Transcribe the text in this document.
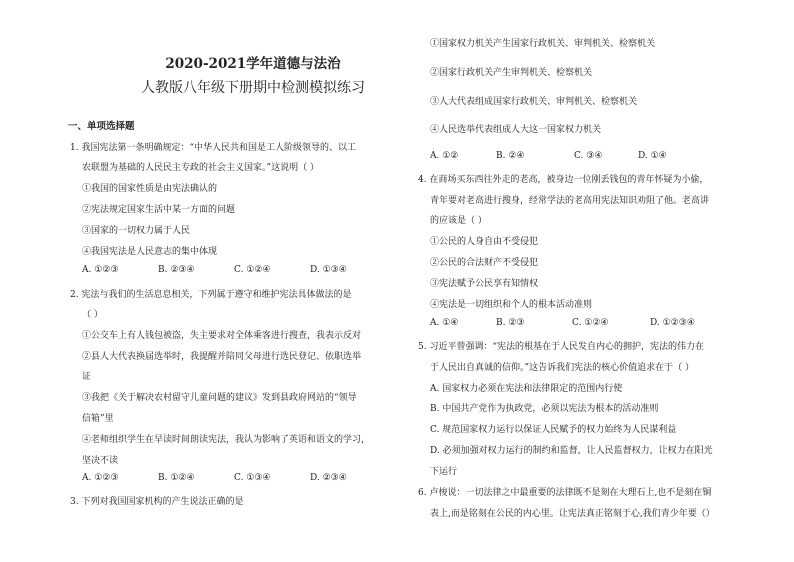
2020-2021学年道德与法治
人教版八年级下册期中检测模拟练习
一、单项选择题
1. 我国宪法第一条明确规定：“中华人民共和国是工人阶级领导的、以工
农联盟为基础的人民民主专政的社会主义国家。”这说明（ ）
①我国的国家性质是由宪法确认的
②宪法规定国家生活中某一方面的问题
③国家的一切权力属于人民
④我国宪法是人民意志的集中体现
A. ①②③	B. ②③④	C. ①②④	D. ①③④
2. 宪法与我们的生活息息相关，下列属于遵守和维护宪法具体做法的是
（ ）
①公交车上有人钱包被盗，失主要求对全体乘客进行搜查，我表示反对
②县人大代表换届选举时，我提醒并陪同父母进行选民登记、依职选举
证
③我把《关于解决农村留守儿童问题的建议》发到县政府网站的“领导
信箱”里
④老师组织学生在早读时间朗读宪法，我认为影响了英语和语文的学习，
坚决不读
A. ①②③	B. ①②④	C. ①③④	D. ②③④
3. 下列对我国国家机构的产生说法正确的是
①国家权力机关产生国家行政机关、审判机关、检察机关
②国家行政机关产生审判机关、检察机关
③人大代表组成国家行政机关、审判机关、检察机关
④人民选举代表组成人大这一国家权力机关
A. ①②	B. ②④	C. ③④	D. ①④
4. 在商场买东西往外走的老高，被身边一位刚丢钱包的青年怀疑为小偷，
青年要对老高进行搜身，经常学法的老高用宪法知识劝阻了他。老高讲
的应该是（ ）
①公民的人身自由不受侵犯
②公民的合法财产不受侵犯
③宪法赋予公民享有知情权
④宪法是一切组织和个人的根本活动准则
A. ①④	B. ②③	C. ①②④	D. ①②③④
5. 习近平曾强调：“宪法的根基在于人民发自内心的拥护，宪法的伟力在
于人民出自真诚的信仰。”这告诉我们宪法的核心价值追求在于（ ）
A. 国家权力必须在宪法和法律限定的范围内行使
B. 中国共产党作为执政党，必须以宪法为根本的活动准则
C. 规范国家权力运行以保证人民赋予的权力始终为人民谋利益
D. 必须加强对权力运行的制约和监督，让人民监督权力，让权力在阳光
下运行
6. 卢梭说：一切法律之中最重要的法律既不是刻在大理石上,也不是刻在铜
表上,而是铭刻在公民的内心里。让宪法真正铭刻于心,我们青少年要（）
